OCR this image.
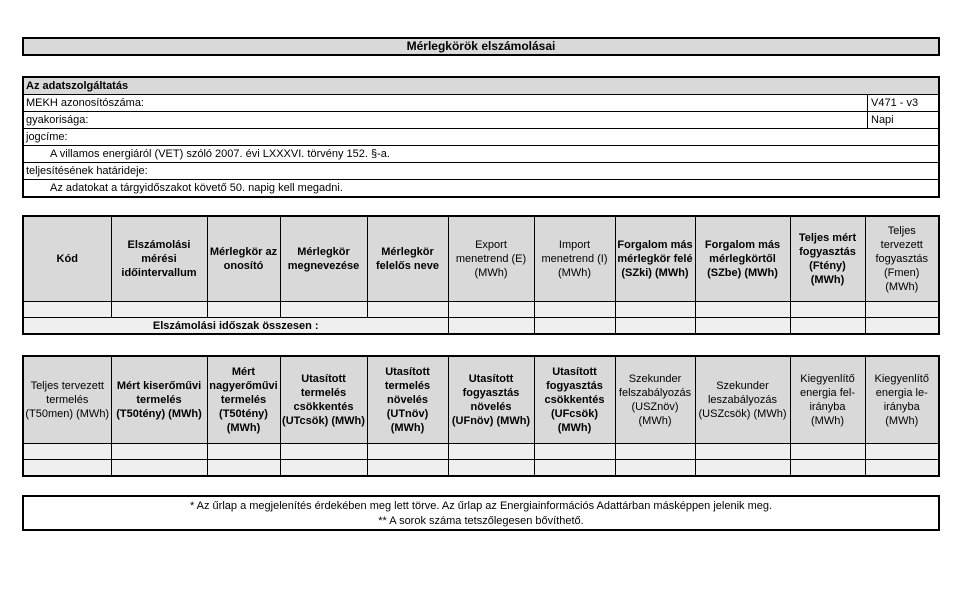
Mérlegkörök elszámolásai
Az adatszolgáltatás
MEKH azonosítószáma:	V471 - v3
gyakorisága:	Napi
jogcíme:
A villamos energiáról (VET) szóló 2007. évi LXXXVI. törvény 152. §-a.
teljesítésének határideje:
Az adatokat a tárgyidőszakot követő 50. napig kell megadni.
Kód	Elszámolási mérési időintervallum	Mérlegkör az onosító	Mérlegkör megnevezése	Mérlegkör felelős neve	Export menetrend (E) (MWh)	Import menetrend (I) (MWh)	Forgalom más mérlegkör felé (SZki) (MWh)	Forgalom más mérlegkörtől (SZbe) (MWh)	Teljes mért fogyasztás (Ftény) (MWh)	Teljes tervezett fogyasztás (Fmen) (MWh)

Elszámolási időszak összesen :										
Teljes tervezett termelés (T50men) (MWh)	Mért kiserőművi termelés (T50tény) (MWh)	Mért nagyerőművi termelés (T50tény) (MWh)	Utasított termelés csökkentés (UTcsök) (MWh)	Utasított termelés növelés (UTnöv) (MWh)	Utasított fogyasztás növelés (UFnöv) (MWh)	Utasított fogyasztás csökkentés (UFcsök) (MWh)	Szekunder felszabályozás (USZnöv) (MWh)	Szekunder leszabályozás (USZcsök) (MWh)	Kiegyenlítő energia fel-irányba (MWh)	Kiegyenlítő energia le-irányba (MWh)

* Az űrlap a megjelenítés érdekében meg lett törve. Az űrlap az Energiainformációs Adattárban másképpen jelenik meg.
** A sorok száma tetszőlegesen bővíthető.
